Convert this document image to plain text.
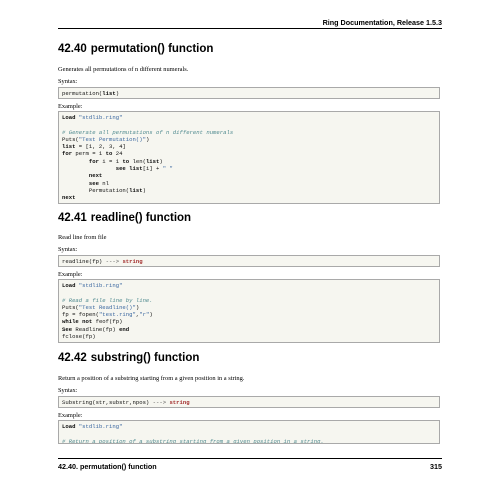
Ring Documentation, Release 1.5.3
42.40 permutation() function

Generates all permutations of n different numerals.

Syntax:

permutation(list)

Example:

Load "stdlib.ring"

# Generate all permutations of n different numerals
Puts("Test Permutation()")
list = [1, 2, 3, 4]
for perm = 1 to 24
for i = 1 to len(list)
see list[i] + " "
next
see nl
Permutation(list)
next
42.41 readline() function

Read line from file

Syntax:

readline(fp) ---> string

Example:

Load "stdlib.ring"

# Read a file line by line.
Puts("Test Readline()")
fp = fopen("test.ring","r")
while not feof(fp)
See Readline(fp) end
fclose(fp)
42.42 substring() function

Return a position of a substring starting from a given position in a string.

Syntax:

Substring(str,substr,npos) ---> string

Example:

Load "stdlib.ring"

# Return a position of a substring starting from a given position in a string.
42.40. permutation() function	315
